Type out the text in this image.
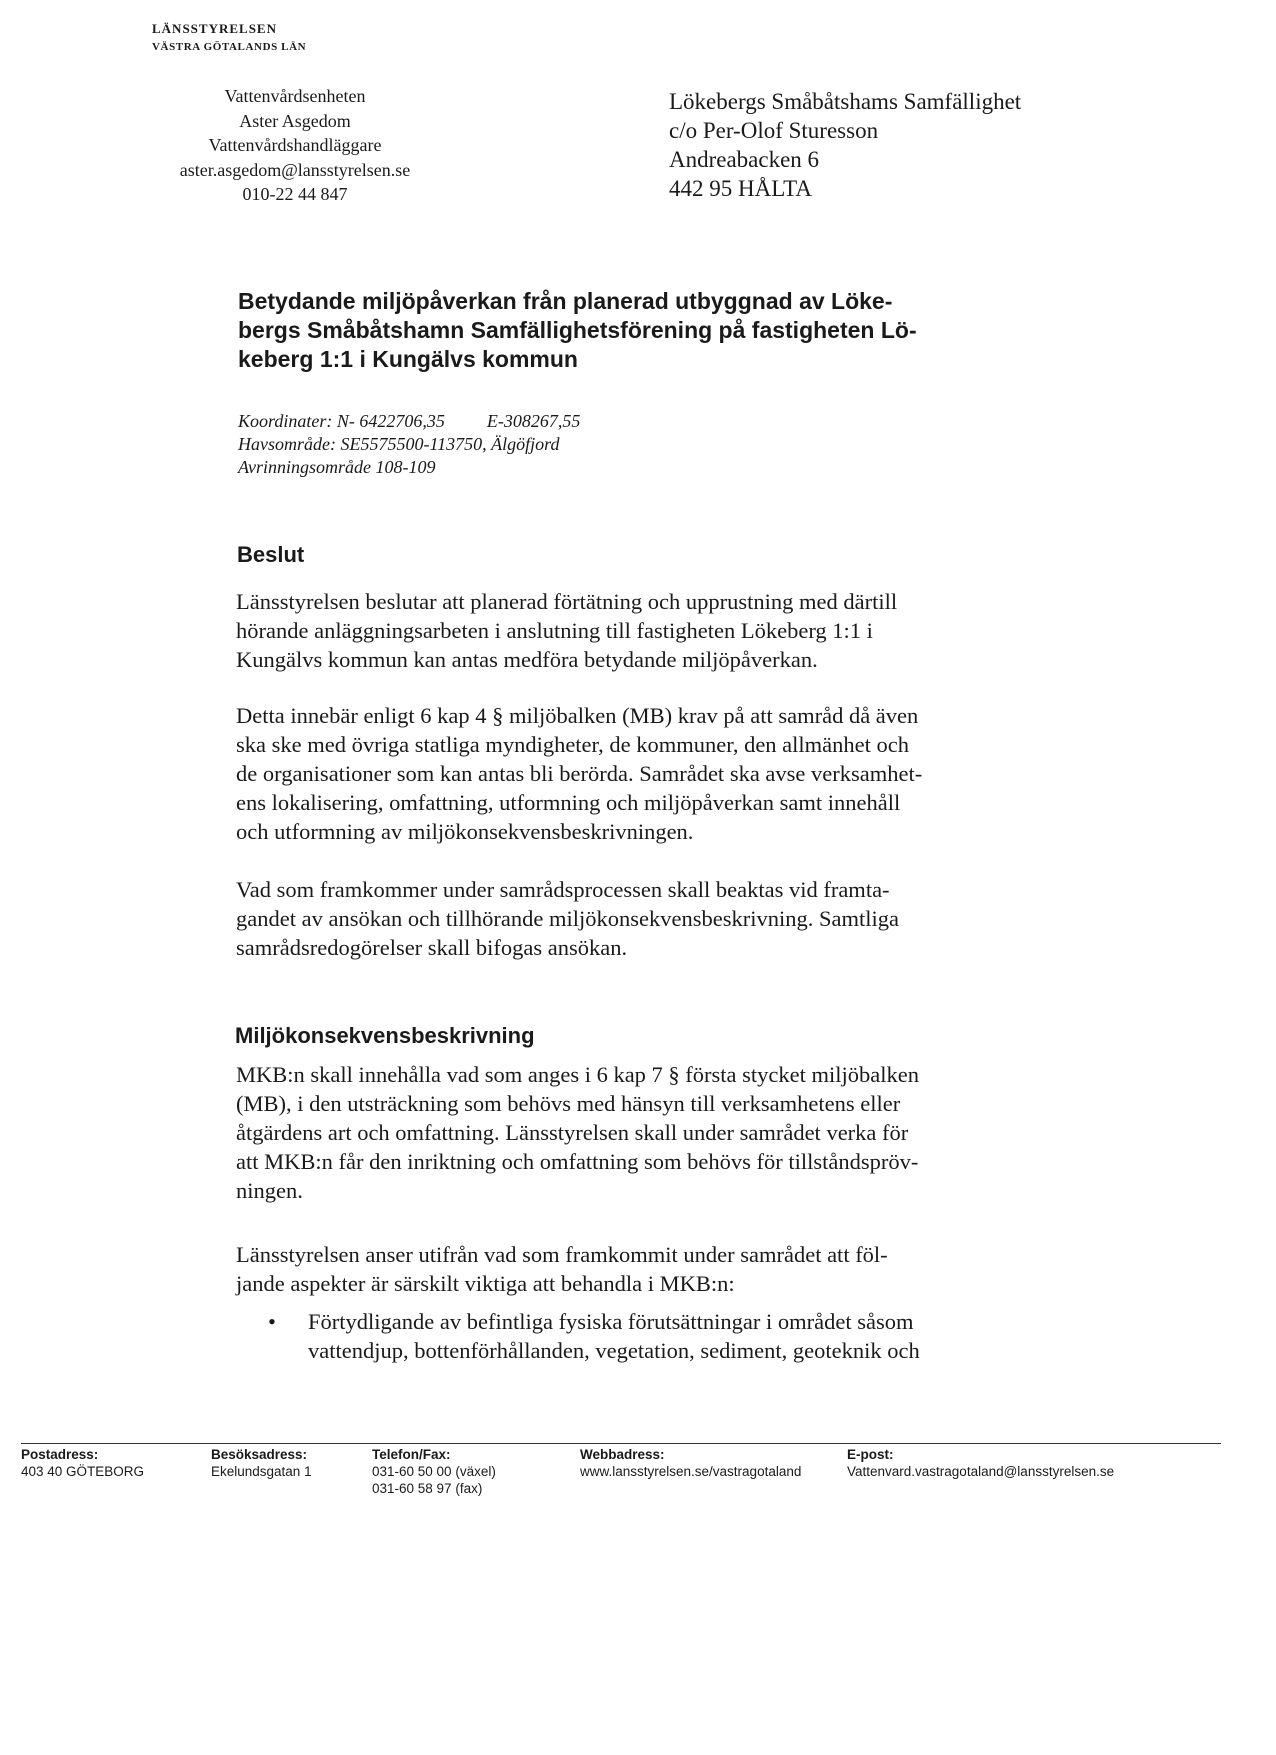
LÄNSSTYRELSEN
VÄSTRA GÖTALANDS LÄN
Vattenvårdsenheten
Aster Asgedom
Vattenvårdshandläggare
aster.asgedom@lansstyrelsen.se
010-22 44 847
Lökebergs Småbåtshams Samfällighet
c/o Per-Olof Sturesson
Andreabacken 6
442 95 HÅLTA
Betydande miljöpåverkan från planerad utbyggnad av Löke-
bergs Småbåtshamn Samfällighetsförening på fastigheten Lö-
keberg 1:1 i Kungälvs kommun
Koordinater: N- 6422706,35 E-308267,55
Havsområde: SE5575500-113750, Älgöfjord
Avrinningsområde 108-109
Beslut
Länsstyrelsen beslutar att planerad förtätning och upprustning med därtill
hörande anläggningsarbeten i anslutning till fastigheten Lökeberg 1:1 i
Kungälvs kommun kan antas medföra betydande miljöpåverkan.
Detta innebär enligt 6 kap 4 § miljöbalken (MB) krav på att samråd då även
ska ske med övriga statliga myndigheter, de kommuner, den allmänhet och
de organisationer som kan antas bli berörda. Samrådet ska avse verksamhet-
ens lokalisering, omfattning, utformning och miljöpåverkan samt innehåll
och utformning av miljökonsekvensbeskrivningen.
Vad som framkommer under samrådsprocessen skall beaktas vid framta-
gandet av ansökan och tillhörande miljökonsekvensbeskrivning. Samtliga
samrådsredogörelser skall bifogas ansökan.
Miljökonsekvensbeskrivning
MKB:n skall innehålla vad som anges i 6 kap 7 § första stycket miljöbalken
(MB), i den utsträckning som behövs med hänsyn till verksamhetens eller
åtgärdens art och omfattning. Länsstyrelsen skall under samrådet verka för
att MKB:n får den inriktning och omfattning som behövs för tillståndspröv-
ningen.
Länsstyrelsen anser utifrån vad som framkommit under samrådet att föl-
jande aspekter är särskilt viktiga att behandla i MKB:n:
• Förtydligande av befintliga fysiska förutsättningar i området såsom
vattendjup, bottenförhållanden, vegetation, sediment, geoteknik och
Postadress:
403 40 GÖTEBORG
Besöksadress:
Ekelundsgatan 1
Telefon/Fax:
031-60 50 00 (växel)
031-60 58 97 (fax)
Webbadress:
www.lansstyrelsen.se/vastragotaland
E-post:
Vattenvard.vastragotaland@lansstyrelsen.se
